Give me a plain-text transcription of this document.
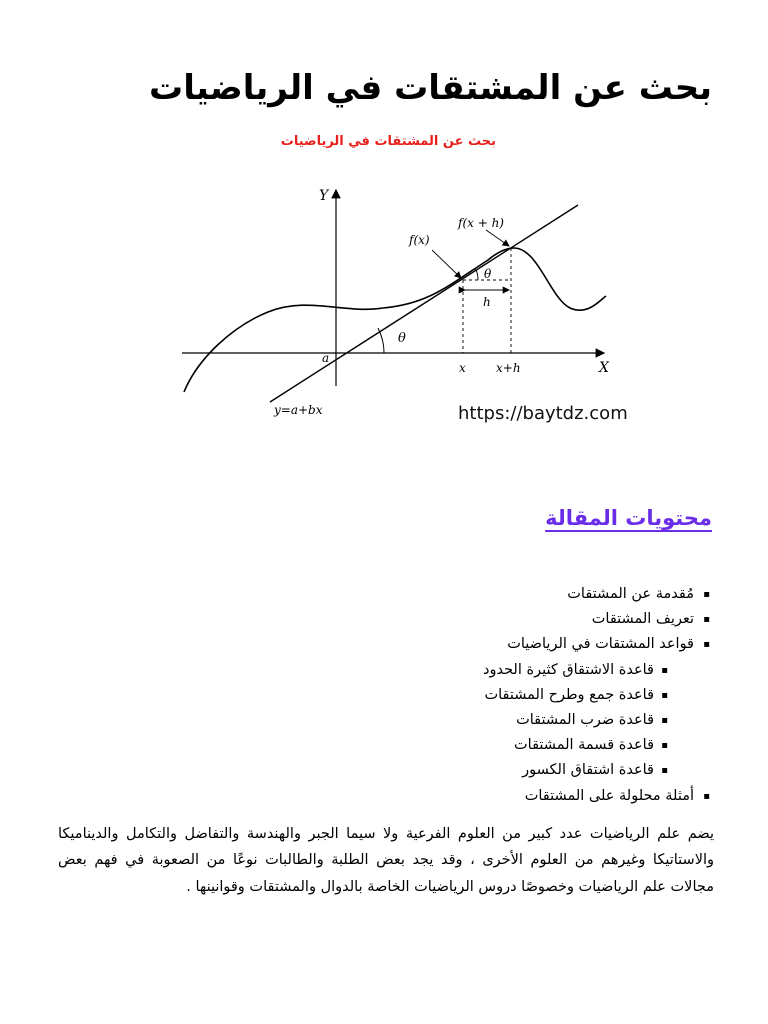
بحث عن المشتقات في الرياضيات
بحث عن المشتقات في الرياضيات
Y
X
a
θ
θ
f(x)
f(x + h)
h
x	x+h
y=a+bx	https://baytdz.com
محتويات المقالة
▪ مُقدمة عن المشتقات
▪ تعريف المشتقات
▪ قواعد المشتقات في الرياضيات
▪ قاعدة الاشتقاق كثيرة الحدود
▪ قاعدة جمع وطرح المشتقات
▪ قاعدة ضرب المشتقات
▪ قاعدة قسمة المشتقات
▪ قاعدة اشتقاق الكسور
▪ أمثلة محلولة على المشتقات

يضم علم الرياضيات عدد كبير من العلوم الفرعية ولا سيما الجبر والهندسة والتفاضل والتكامل والديناميكا والاستاتيكا وغيرهم من العلوم الأخرى ، وقد يجد بعض الطلبة والطالبات نوعًا من الصعوبة في فهم بعض مجالات علم الرياضيات وخصوصًا دروس الرياضيات الخاصة بالدوال والمشتقات وقوانينها .
